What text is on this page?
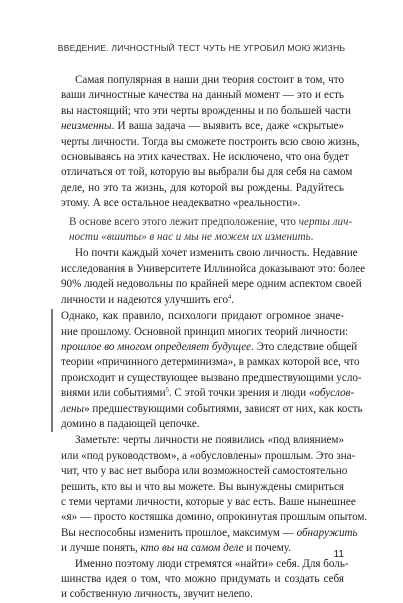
ВВЕДЕНИЕ. ЛИЧНОСТНЫЙ ТЕСТ ЧУТЬ НЕ УГРОБИЛ МОЮ ЖИЗНЬ

Самая популярная в наши дни теория состоит в том, что
ваши личностные качества на данный момент — это и есть
вы настоящий; что эти черты врожденны и по большей части
неизменны. И ваша задача — выявить все, даже «скрытые»
черты личности. Тогда вы сможете построить всю свою жизнь,
основываясь на этих качествах. Не исключено, что она будет
отличаться от той, которую вы выбрали бы для себя на самом
деле, но это та жизнь, для которой вы рождены. Радуйтесь
этому. А все остальное неадекватно «реальности».

В основе всего этого лежит предположение, что черты лич-
ности «вшиты» в нас и мы не можем их изменить.

Но почти каждый хочет изменить свою личность. Недавние
исследования в Университете Иллинойса доказывают это: более
90% людей недовольны по крайней мере одним аспектом своей
личности и надеются улучшить его$^4$.

Однако, как правило, психологи придают огромное значе-
ние прошлому. Основной принцип многих теорий личности:
прошлое во многом определяет будущее. Это следствие общей
теории «причинного детерминизма», в рамках которой все, что
происходит и существующее вызвано предшествующими усло-
виями или событиями$^5$. С этой точки зрения и люди «обуслов-
лены» предшествующими событиями, зависят от них, как кость
домино в падающей цепочке.

Заметьте: черты личности не появились «под влиянием»
или «под руководством», а «обусловлены» прошлым. Это зна-
чит, что у вас нет выбора или возможностей самостоятельно
решить, кто вы и что вы можете. Вы вынуждены смириться
с теми чертами личности, которые у вас есть. Ваше нынешнее
«я» — просто костяшка домино, опрокинутая прошлым опытом.
Вы неспособны изменить прошлое, максимум — обнаружить
и лучше понять, кто вы на самом деле и почему.

Именно поэтому люди стремятся «найти» себя. Для боль-
шинства идея о том, что можно придумать и создать себя
и собственную личность, звучит нелепо.

11
